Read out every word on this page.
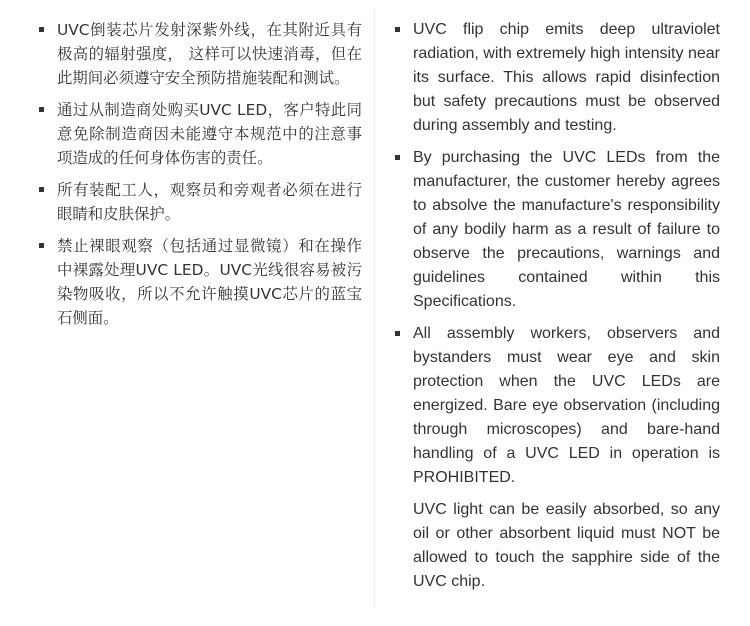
UVC倒装芯片发射深紫外线，在其附近具有极高的辐射强度， 这样可以快速消毒，但在此期间必须遵守安全预防措施装配和测试。
通过从制造商处购买UVC LED，客户特此同意免除制造商因未能遵守本规范中的注意事项造成的任何身体伤害的责任。
所有装配工人，观察员和旁观者必须在进行眼睛和皮肤保护。
禁止裸眼观察（包括通过显微镜）和在操作中裸露处理UVC LED。UVC光线很容易被污染物吸收，所以不允许触摸UVC芯片的蓝宝石侧面。
UVC flip chip emits deep ultraviolet radiation, with extremely high intensity near its surface. This allows rapid disinfection but safety precautions must be observed during assembly and testing.
By purchasing the UVC LEDs from the manufacturer, the customer hereby agrees to absolve the manufacture's responsibility of any bodily harm as a result of failure to observe the precautions, warnings and guidelines contained within this Specifications.
All assembly workers, observers and bystanders must wear eye and skin protection when the UVC LEDs are energized. Bare eye observation (including through microscopes) and bare-hand handling of a UVC LED in operation is PROHIBITED.
UVC light can be easily absorbed, so any oil or other absorbent liquid must NOT be allowed to touch the sapphire side of the UVC chip.
